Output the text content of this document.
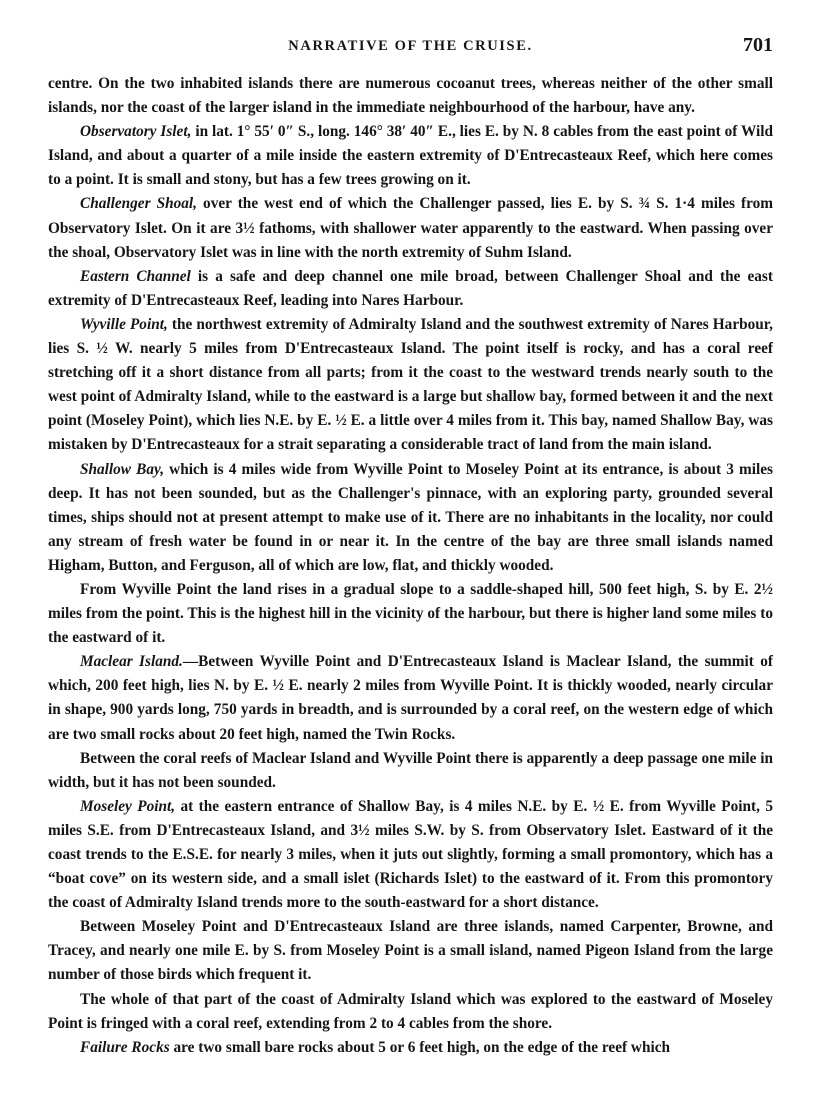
NARRATIVE OF THE CRUISE.	701

centre. On the two inhabited islands there are numerous cocoanut trees, whereas neither of the other small islands, nor the coast of the larger island in the immediate neighbourhood of the harbour, have any.

Observatory Islet, in lat. 1° 55′ 0″ S., long. 146° 38′ 40″ E., lies E. by N. 8 cables from the east point of Wild Island, and about a quarter of a mile inside the eastern extremity of D'Entrecasteaux Reef, which here comes to a point. It is small and stony, but has a few trees growing on it.

Challenger Shoal, over the west end of which the Challenger passed, lies E. by S. ¾ S. 1·4 miles from Observatory Islet. On it are 3½ fathoms, with shallower water apparently to the eastward. When passing over the shoal, Observatory Islet was in line with the north extremity of Suhm Island.

Eastern Channel is a safe and deep channel one mile broad, between Challenger Shoal and the east extremity of D'Entrecasteaux Reef, leading into Nares Harbour.

Wyville Point, the northwest extremity of Admiralty Island and the southwest extremity of Nares Harbour, lies S. ½ W. nearly 5 miles from D'Entrecasteaux Island. The point itself is rocky, and has a coral reef stretching off it a short distance from all parts; from it the coast to the westward trends nearly south to the west point of Admiralty Island, while to the eastward is a large but shallow bay, formed between it and the next point (Moseley Point), which lies N.E. by E. ½ E. a little over 4 miles from it. This bay, named Shallow Bay, was mistaken by D'Entrecasteaux for a strait separating a considerable tract of land from the main island.

Shallow Bay, which is 4 miles wide from Wyville Point to Moseley Point at its entrance, is about 3 miles deep. It has not been sounded, but as the Challenger's pinnace, with an exploring party, grounded several times, ships should not at present attempt to make use of it. There are no inhabitants in the locality, nor could any stream of fresh water be found in or near it. In the centre of the bay are three small islands named Higham, Button, and Ferguson, all of which are low, flat, and thickly wooded.

From Wyville Point the land rises in a gradual slope to a saddle-shaped hill, 500 feet high, S. by E. 2½ miles from the point. This is the highest hill in the vicinity of the harbour, but there is higher land some miles to the eastward of it.

Maclear Island.—Between Wyville Point and D'Entrecasteaux Island is Maclear Island, the summit of which, 200 feet high, lies N. by E. ½ E. nearly 2 miles from Wyville Point. It is thickly wooded, nearly circular in shape, 900 yards long, 750 yards in breadth, and is surrounded by a coral reef, on the western edge of which are two small rocks about 20 feet high, named the Twin Rocks.

Between the coral reefs of Maclear Island and Wyville Point there is apparently a deep passage one mile in width, but it has not been sounded.

Moseley Point, at the eastern entrance of Shallow Bay, is 4 miles N.E. by E. ½ E. from Wyville Point, 5 miles S.E. from D'Entrecasteaux Island, and 3½ miles S.W. by S. from Observatory Islet. Eastward of it the coast trends to the E.S.E. for nearly 3 miles, when it juts out slightly, forming a small promontory, which has a “boat cove” on its western side, and a small islet (Richards Islet) to the eastward of it. From this promontory the coast of Admiralty Island trends more to the south-eastward for a short distance.

Between Moseley Point and D'Entrecasteaux Island are three islands, named Carpenter, Browne, and Tracey, and nearly one mile E. by S. from Moseley Point is a small island, named Pigeon Island from the large number of those birds which frequent it.

The whole of that part of the coast of Admiralty Island which was explored to the eastward of Moseley Point is fringed with a coral reef, extending from 2 to 4 cables from the shore.

Failure Rocks are two small bare rocks about 5 or 6 feet high, on the edge of the reef which
